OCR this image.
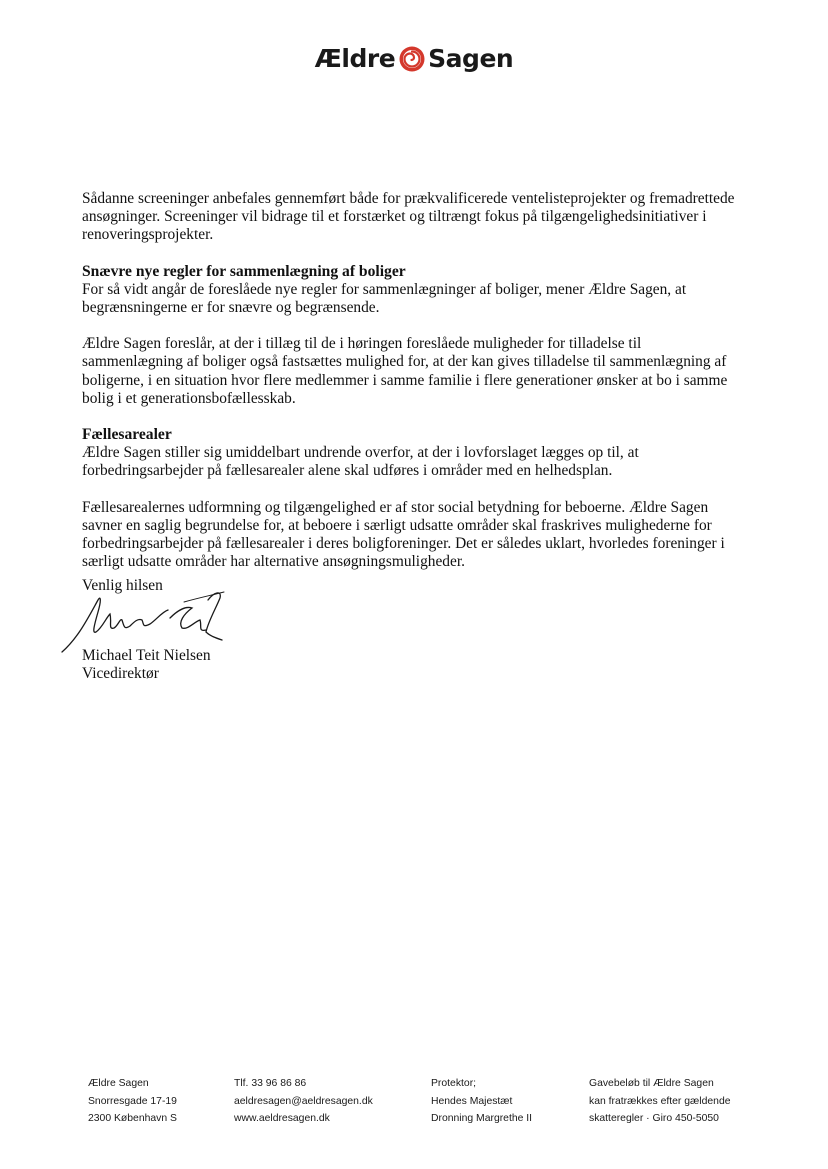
Ældre Sagen

Sådanne screeninger anbefales gennemført både for prækvalificerede ventelisteprojekter og fremadrettede ansøgninger. Screeninger vil bidrage til et forstærket og tiltrængt fokus på tilgængelighedsinitiativer i renoveringsprojekter.

Snævre nye regler for sammenlægning af boliger

For så vidt angår de foreslåede nye regler for sammenlægninger af boliger, mener Ældre Sagen, at begrænsningerne er for snævre og begrænsende.

Ældre Sagen foreslår, at der i tillæg til de i høringen foreslåede muligheder for tilladelse til sammenlægning af boliger også fastsættes mulighed for, at der kan gives tilladelse til sammenlægning af boligerne, i en situation hvor flere medlemmer i samme familie i flere generationer ønsker at bo i samme bolig i et generationsbofællesskab.

Fællesarealer

Ældre Sagen stiller sig umiddelbart undrende overfor, at der i lovforslaget lægges op til, at forbedringsarbejder på fællesarealer alene skal udføres i områder med en helhedsplan.

Fællesarealernes udformning og tilgængelighed er af stor social betydning for beboerne. Ældre Sagen savner en saglig begrundelse for, at beboere i særligt udsatte områder skal fraskrives mulighederne for forbedringsarbejder på fællesarealer i deres boligforeninger. Det er således uklart, hvorledes foreninger i særligt udsatte områder har alternative ansøgningsmuligheder.

Venlig hilsen
Michael Teit Nielsen
Vicedirektør
Ældre Sagen
Snorresgade 17-19
2300 København S
Tlf. 33 96 86 86
aeldresagen@aeldresagen.dk
www.aeldresagen.dk
Protektor;
Hendes Majestæt
Dronning Margrethe II
Gavebeløb til Ældre Sagen
kan fratrækkes efter gældende
skatteregler · Giro 450-5050
